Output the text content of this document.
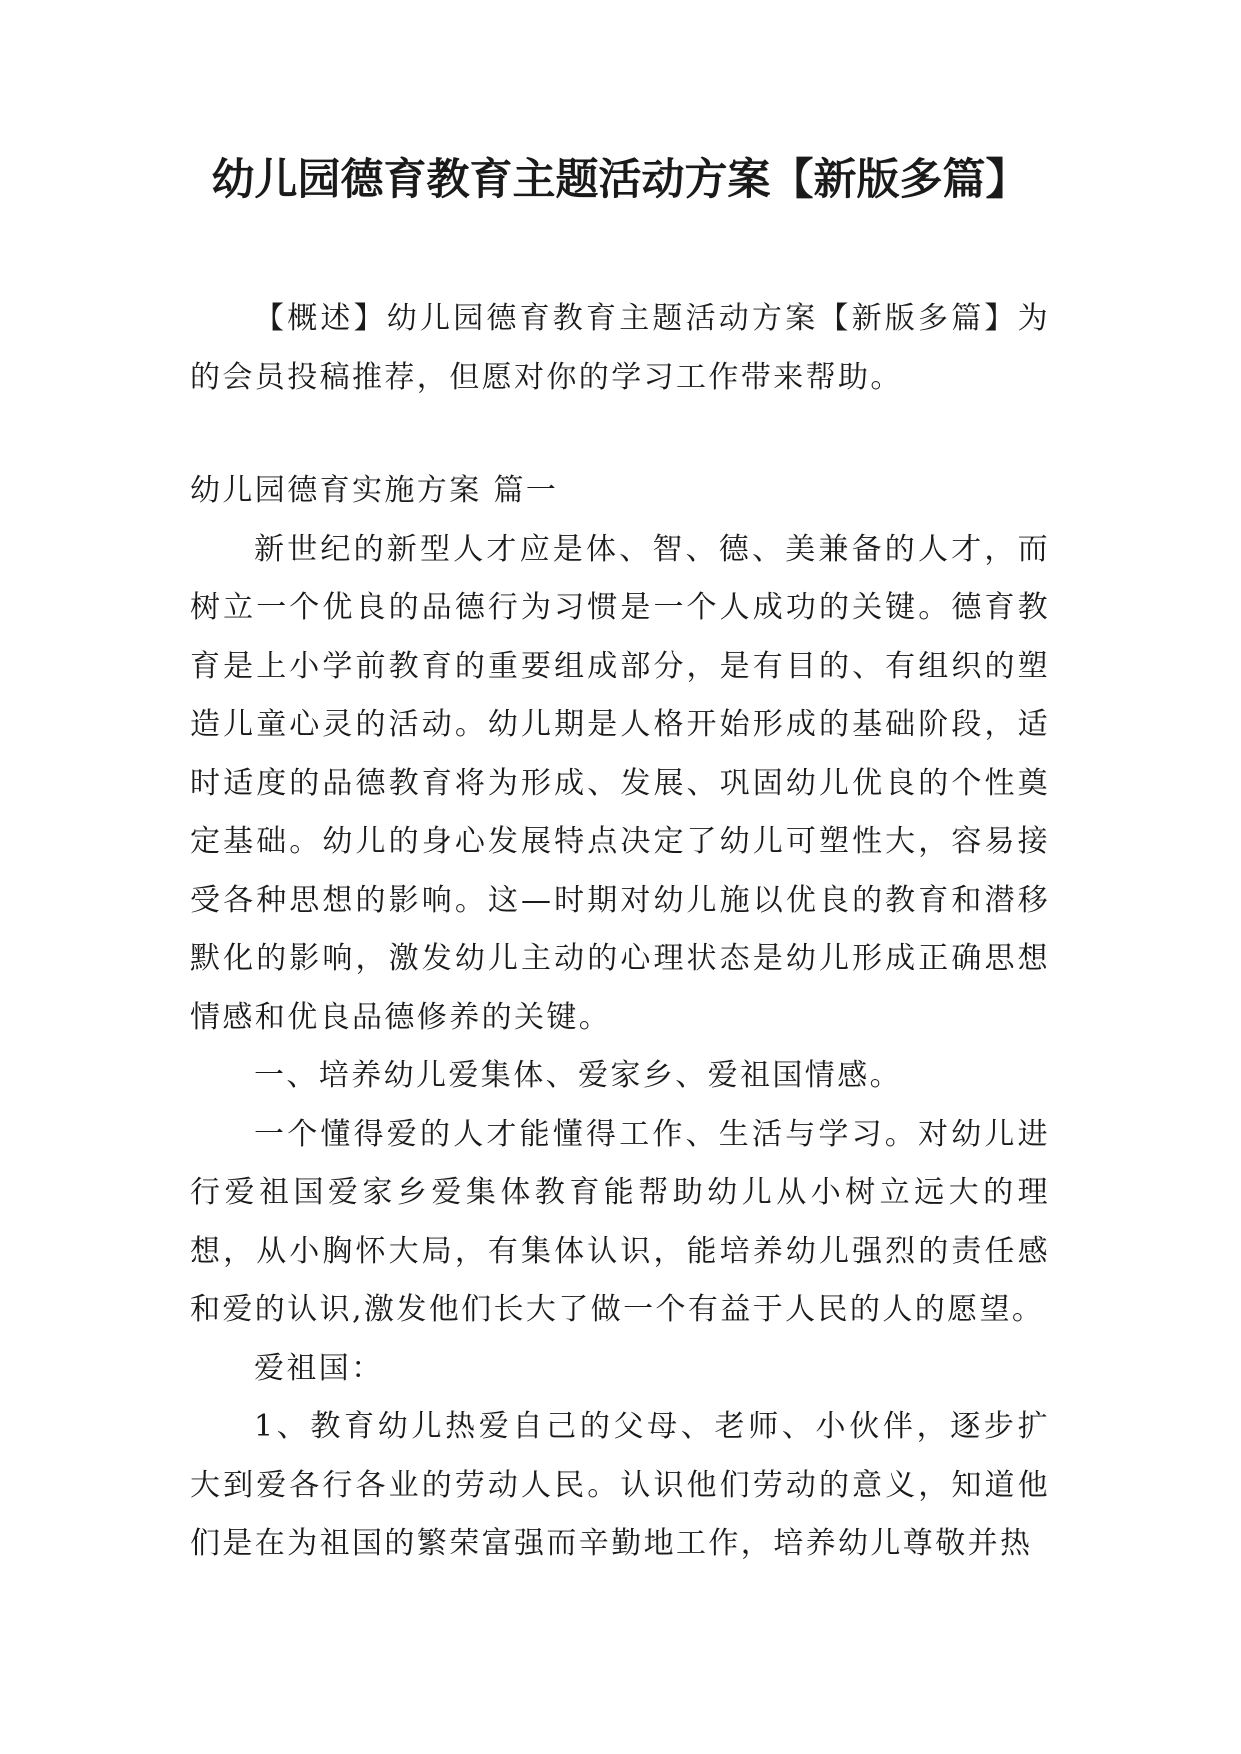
幼儿园德育教育主题活动方案【新版多篇】

【概述】幼儿园德育教育主题活动方案【新版多篇】为的会员投稿推荐，但愿对你的学习工作带来帮助。

幼儿园德育实施方案 篇一

新世纪的新型人才应是体、智、德、美兼备的人才，而树立一个优良的品德行为习惯是一个人成功的关键。德育教育是上小学前教育的重要组成部分，是有目的、有组织的塑造儿童心灵的活动。幼儿期是人格开始形成的基础阶段，适时适度的品德教育将为形成、发展、巩固幼儿优良的个性奠定基础。幼儿的身心发展特点决定了幼儿可塑性大，容易接受各种思想的影响。这—时期对幼儿施以优良的教育和潜移默化的影响，激发幼儿主动的心理状态是幼儿形成正确思想情感和优良品德修养的关键。

一、培养幼儿爱集体、爱家乡、爱祖国情感。

一个懂得爱的人才能懂得工作、生活与学习。对幼儿进行爱祖国爱家乡爱集体教育能帮助幼儿从小树立远大的理想，从小胸怀大局，有集体认识，能培养幼儿强烈的责任感和爱的认识,激发他们长大了做一个有益于人民的人的愿望。

爱祖国：

1、教育幼儿热爱自己的父母、老师、小伙伴，逐步扩大到爱各行各业的劳动人民。认识他们劳动的意义，知道他们是在为祖国的繁荣富强而辛勤地工作，培养幼儿尊敬并热
